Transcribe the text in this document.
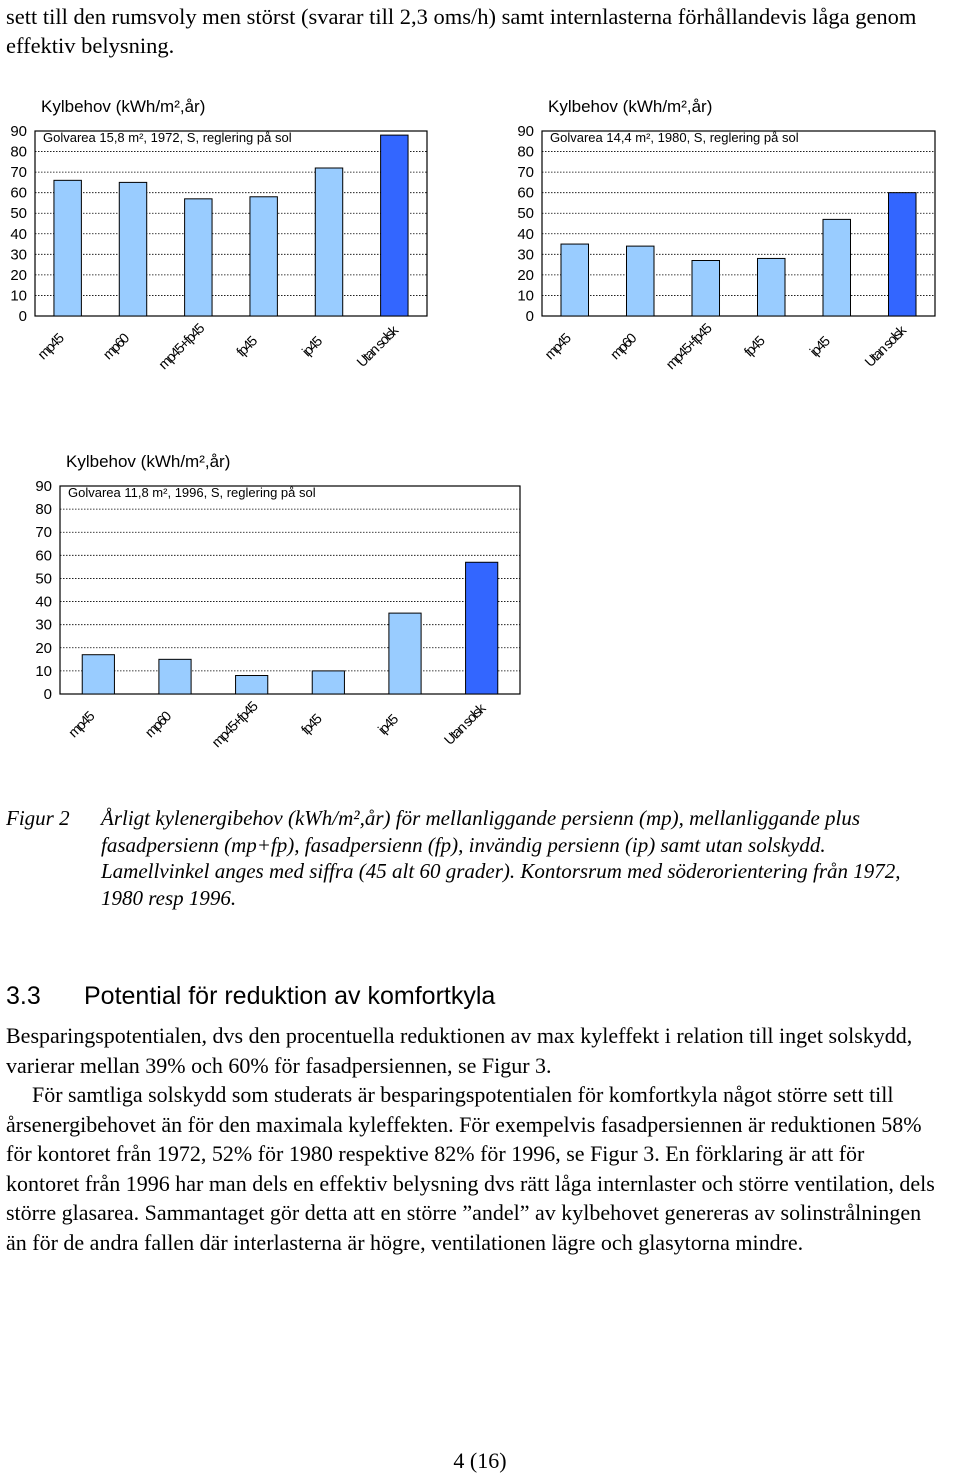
sett till den rumsvoly men störst (svarar till 2,3 oms/h) samt internlasterna förhållandevis låga genom effektiv belysning.
0
10
20
30
40
50
60
70
80
90
Kylbehov (kWh/m²,år)
Golvarea 15,8 m², 1972, S, reglering på sol
mp45 mp60 mp45+fp45 fp45	ip45 Utan solsk
0
10
20
30
40
50
60
70
80
90
Kylbehov (kWh/m²,år)
Golvarea 14,4 m², 1980, S, reglering på sol
mp45 mp60 mp45+fp45 fp45	ip45 Utan solsk
0
10
20
30
40
50
60
70
80
90
Kylbehov (kWh/m²,år)
Golvarea 11,8 m², 1996, S, reglering på sol
mp45	mp60 mp45+fp45	fp45	ip45	Utan solsk
Figur 2 Årligt kylenergibehov (kWh/m²,år) för mellanliggande persienn (mp), mellanliggande plus fasadpersienn (mp+fp), fasadpersienn (fp), invändig persienn (ip) samt utan solskydd. Lamellvinkel anges med siffra (45 alt 60 grader). Kontorsrum med söderorientering från 1972, 1980 resp 1996.
3.3 Potential för reduktion av komfortkyla

Besparingspotentialen, dvs den procentuella reduktionen av max kyleffekt i relation till inget solskydd, varierar mellan 39% och 60% för fasadpersiennen, se Figur 3.

För samtliga solskydd som studerats är besparingspotentialen för komfortkyla något större sett till årsenergibehovet än för den maximala kyleffekten. För exempelvis fasadpersiennen är reduktionen 58% för kontoret från 1972, 52% för 1980 respektive 82% för 1996, se Figur 3. En förklaring är att för kontoret från 1996 har man dels en effektiv belysning dvs rätt låga internlaster och större ventilation, dels större glasarea. Sammantaget gör detta att en större ”andel” av kylbehovet genereras av solinstrålningen än för de andra fallen där interlasterna är högre, ventilationen lägre och glasytorna mindre.

4 (16)
